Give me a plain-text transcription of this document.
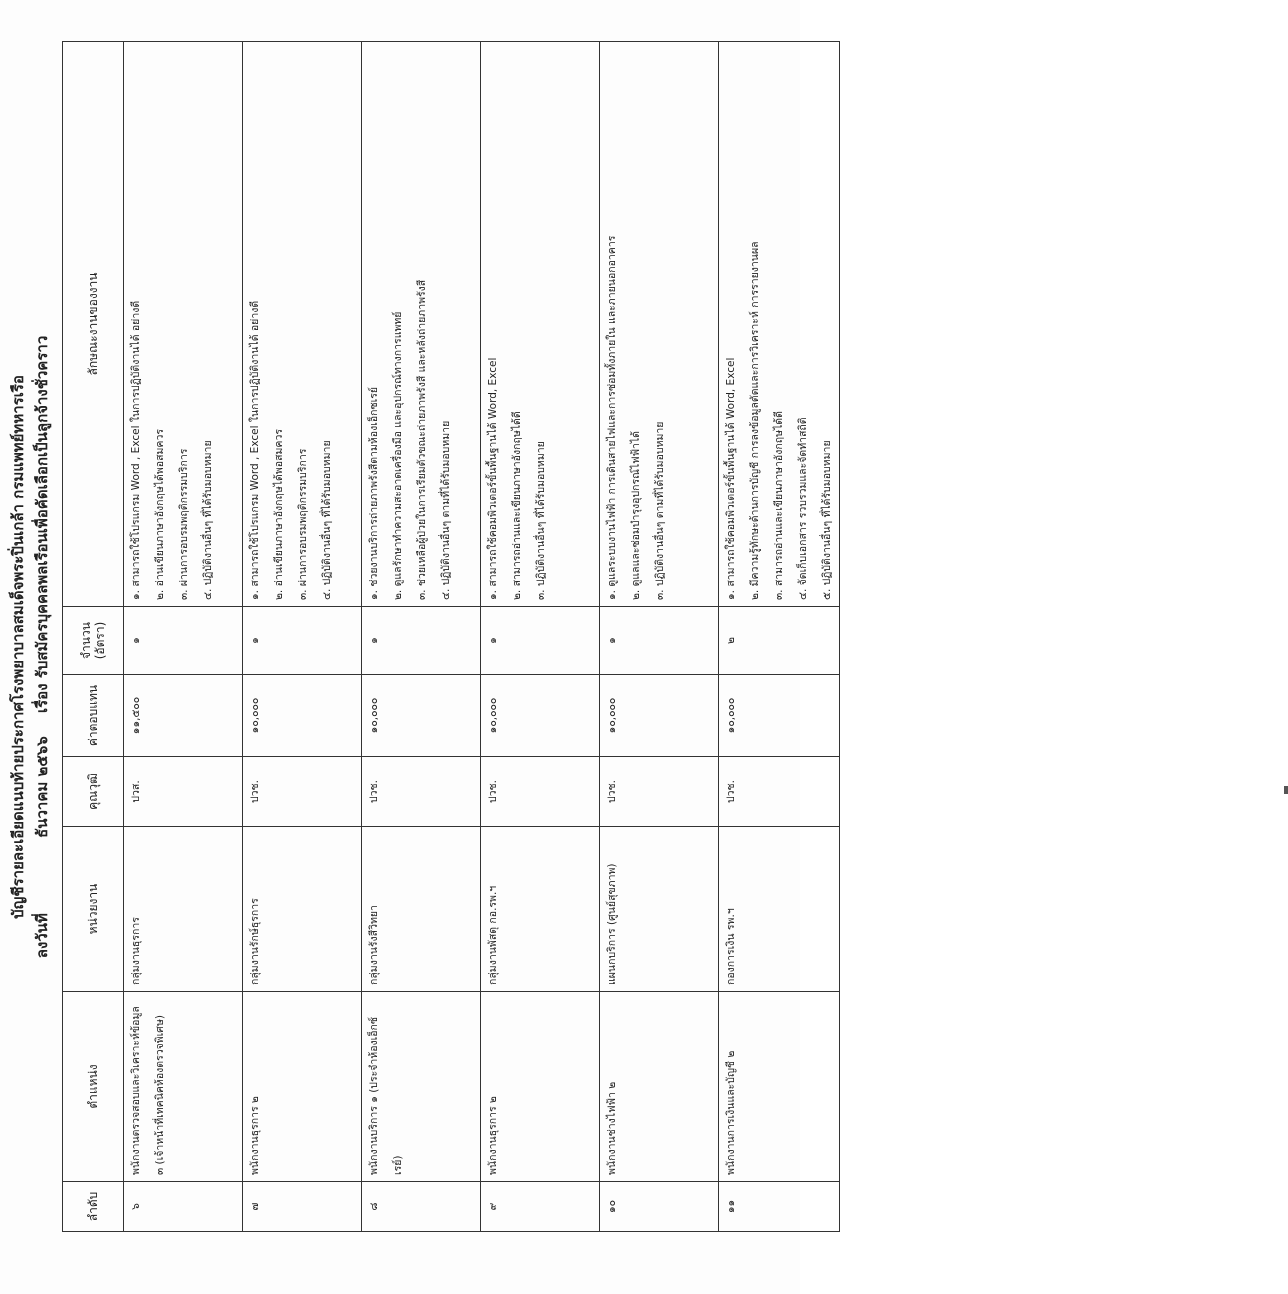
บัญชีรายละเอียดแนบท้ายประกาศโรงพยาบาลสมเด็จพระปิ่นเกล้า กรมแพทย์ทหารเรือ
ลงวันที่ ธันวาคม ๒๕๖๖ เรื่อง รับสมัครบุคคลพลเรือนเพื่อคัดเลือกเป็นลูกจ้างชั่วคราว
ลำดับ	ตำแหน่ง	หน่วยงาน	คุณวุฒิ	ค่าตอบแทน	จำนวน (อัตรา)	ลักษณะงานของงาน
๖	พนักงานตรวจสอบและวิเคราะห์ข้อมูล ๓ (เจ้าหน้าที่เทคนิคห้องตรวจพิเศษ)	กลุ่มงานธุรการ	ปวส.	๑๑,๕๐๐	๑	๑. สามารถใช้โปรแกรม Word , Excel ในการปฏิบัติงานได้ อย่างดี ๒. อ่านเขียนภาษาอังกฤษได้พอสมควร ๓. ผ่านการอบรมพฤติกรรมบริการ ๔. ปฏิบัติงานอื่นๆ ที่ได้รับมอบหมาย

๗	พนักงานธุรการ ๒	กลุ่มงานรักษ์ธุรการ	ปวช.	๑๐,๐๐๐	๑	๑. สามารถใช้โปรแกรม Word , Excel ในการปฏิบัติงานได้ อย่างดี ๒. อ่านเขียนภาษาอังกฤษได้พอสมควร ๓. ผ่านการอบรมพฤติกรรมบริการ ๔. ปฏิบัติงานอื่นๆ ที่ได้รับมอบหมาย

๘	พนักงานบริการ ๑ (ประจำห้องเอ็กซ์เรย์)	กลุ่มงานรังสีวิทยา	ปวช.	๑๐,๐๐๐	๑	๑. ช่วยงานบริการถ่ายภาพรังสีตามห้องเอ็กซเรย์ ๒. ดูแลรักษาทำความสะอาดเครื่องมือ และอุปกรณ์ทางการแพทย์ ๓. ช่วยเหลือผู้ป่วยในการเรียมตัวขณะถ่ายภาพรังสี และหลังถ่ายภาพรังสี ๔. ปฏิบัติงานอื่นๆ ตามที่ได้รับมอบหมาย

๙	พนักงานธุรการ ๒	กลุ่มงานพัสดุ กอ.รพ.ฯ	ปวช.	๑๐,๐๐๐	๑	๑. สามารถใช้คอมพิวเตอร์ขั้นพื้นฐานได้ Word, Excel ๒. สามารถอ่านและเขียนภาษาอังกฤษได้ดี ๓. ปฏิบัติงานอื่นๆ ที่ได้รับมอบหมาย

๑๐	พนักงานช่างไฟฟ้า ๒	แผนกบริการ (ศูนย์สุขภาพ)	ปวช.	๑๐,๐๐๐	๑	๑. ดูแลระบบงานไฟฟ้า การเดินสายไฟและการซ่อมทั้งภายใน และภายนอกอาคาร ๒. ดูแลและซ่อมบำรุงอุปกรณ์ไฟฟ้าได้ ๓. ปฏิบัติงานอื่นๆ ตามที่ได้รับมอบหมาย

๑๑	พนักงานการเงินและบัญชี ๒	กองการเงิน รพ.ฯ	ปวช.	๑๐,๐๐๐	๒	๑. สามารถใช้คอมพิวเตอร์ขั้นพื้นฐานได้ Word, Excel ๒. มีความรู้ทักษะด้านการบัญชี การลงข้อมูลตัดและการวิเคราะห์ การรายงานผล ๓. สามารถอ่านและเขียนภาษาอังกฤษได้ดี ๔. จัดเก็บเอกสาร รวบรวมและจัดทำสถิติ ๕. ปฏิบัติงานอื่นๆ ที่ได้รับมอบหมาย
